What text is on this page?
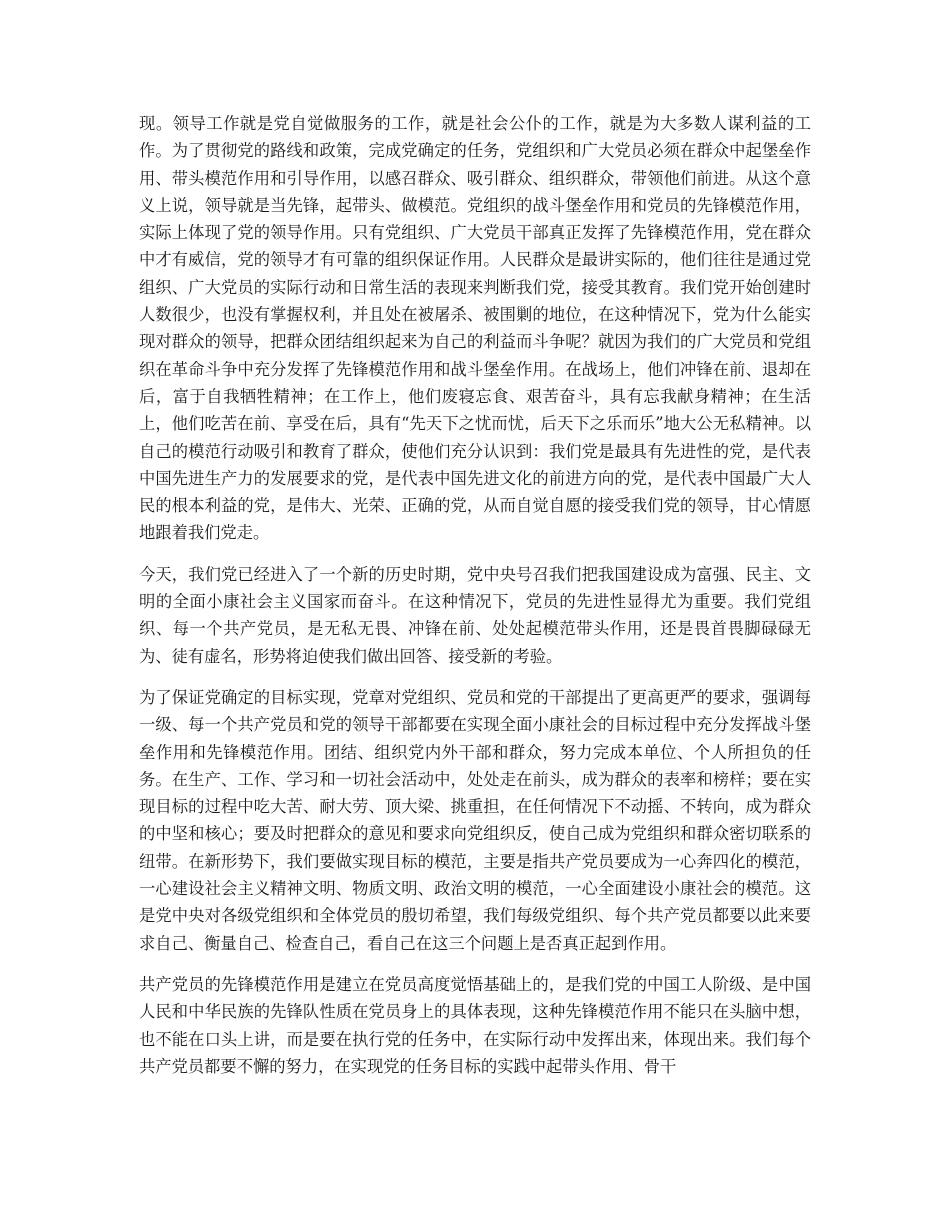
现。领导工作就是党自觉做服务的工作，就是社会公仆的工作，就是为大多数人谋利益的工作。为了贯彻党的路线和政策，完成党确定的任务，党组织和广大党员必须在群众中起堡垒作用、带头模范作用和引导作用，以感召群众、吸引群众、组织群众，带领他们前进。从这个意义上说，领导就是当先锋，起带头、做模范。党组织的战斗堡垒作用和党员的先锋模范作用，实际上体现了党的领导作用。只有党组织、广大党员干部真正发挥了先锋模范作用，党在群众中才有威信，党的领导才有可靠的组织保证作用。人民群众是最讲实际的，他们往往是通过党组织、广大党员的实际行动和日常生活的表现来判断我们党，接受其教育。我们党开始创建时人数很少，也没有掌握权利，并且处在被屠杀、被围剿的地位，在这种情况下，党为什么能实现对群众的领导，把群众团结组织起来为自己的利益而斗争呢？就因为我们的广大党员和党组织在革命斗争中充分发挥了先锋模范作用和战斗堡垒作用。在战场上，他们冲锋在前、退却在后，富于自我牺牲精神；在工作上，他们废寝忘食、艰苦奋斗，具有忘我献身精神；在生活上，他们吃苦在前、享受在后，具有“先天下之忧而忧，后天下之乐而乐”地大公无私精神。以自己的模范行动吸引和教育了群众，使他们充分认识到：我们党是最具有先进性的党，是代表中国先进生产力的发展要求的党，是代表中国先进文化的前进方向的党，是代表中国最广大人民的根本利益的党，是伟大、光荣、正确的党，从而自觉自愿的接受我们党的领导，甘心情愿地跟着我们党走。

今天，我们党已经进入了一个新的历史时期，党中央号召我们把我国建设成为富强、民主、文明的全面小康社会主义国家而奋斗。在这种情况下，党员的先进性显得尤为重要。我们党组织、每一个共产党员，是无私无畏、冲锋在前、处处起模范带头作用，还是畏首畏脚碌碌无为、徒有虚名，形势将迫使我们做出回答、接受新的考验。

为了保证党确定的目标实现，党章对党组织、党员和党的干部提出了更高更严的要求，强调每一级、每一个共产党员和党的领导干部都要在实现全面小康社会的目标过程中充分发挥战斗堡垒作用和先锋模范作用。团结、组织党内外干部和群众，努力完成本单位、个人所担负的任务。在生产、工作、学习和一切社会活动中，处处走在前头，成为群众的表率和榜样；要在实现目标的过程中吃大苦、耐大劳、顶大梁、挑重担，在任何情况下不动摇、不转向，成为群众的中坚和核心；要及时把群众的意见和要求向党组织反，使自己成为党组织和群众密切联系的纽带。在新形势下，我们要做实现目标的模范，主要是指共产党员要成为一心奔四化的模范，一心建设社会主义精神文明、物质文明、政治文明的模范，一心全面建设小康社会的模范。这是党中央对各级党组织和全体党员的殷切希望，我们每级党组织、每个共产党员都要以此来要求自己、衡量自己、检查自己，看自己在这三个问题上是否真正起到作用。

共产党员的先锋模范作用是建立在党员高度觉悟基础上的，是我们党的中国工人阶级、是中国人民和中华民族的先锋队性质在党员身上的具体表现，这种先锋模范作用不能只在头脑中想，也不能在口头上讲，而是要在执行党的任务中，在实际行动中发挥出来，体现出来。我们每个共产党员都要不懈的努力，在实现党的任务目标的实践中起带头作用、骨干
